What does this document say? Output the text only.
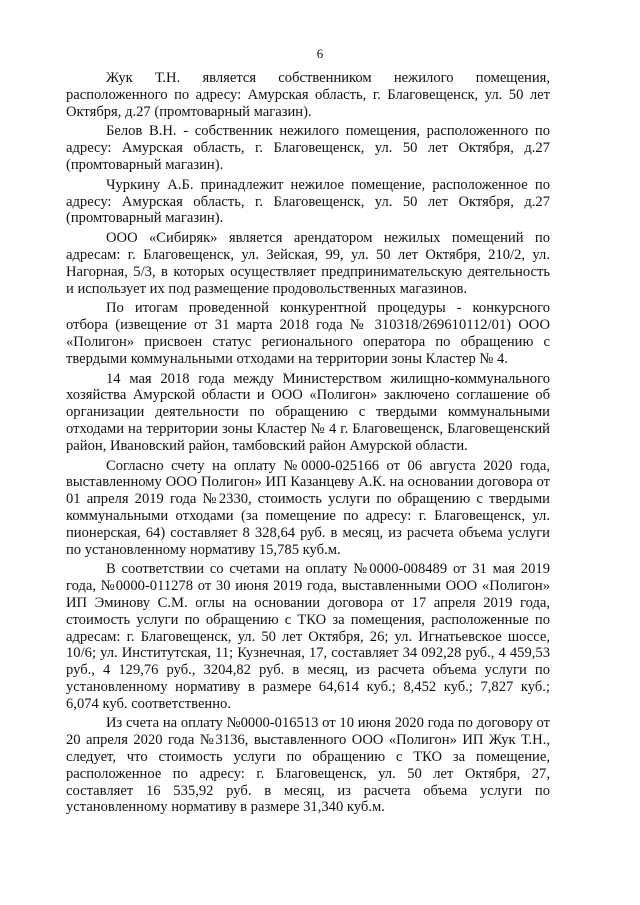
6

Жук Т.Н. является собственником нежилого помещения, расположенного по адресу: Амурская область, г. Благовещенск, ул. 50 лет Октября, д.27 (промтоварный магазин).

Белов В.Н. - собственник нежилого помещения, расположенного по адресу: Амурская область, г. Благовещенск, ул. 50 лет Октября, д.27 (промтоварный магазин).

Чуркину А.Б. принадлежит нежилое помещение, расположенное по адресу: Амурская область, г. Благовещенск, ул. 50 лет Октября, д.27 (промтоварный магазин).

ООО «Сибиряк» является арендатором нежилых помещений по адресам: г. Благовещенск, ул. Зейская, 99, ул. 50 лет Октября, 210/2, ул. Нагорная, 5/3, в которых осуществляет предпринимательскую деятельность и использует их под размещение продовольственных магазинов.

По итогам проведенной конкурентной процедуры - конкурсного отбора (извещение от 31 марта 2018 года № 310318/269610112/01) ООО «Полигон» присвоен статус регионального оператора по обращению с твердыми коммунальными отходами на территории зоны Кластер № 4.

14 мая 2018 года между Министерством жилищно-коммунального хозяйства Амурской области и ООО «Полигон» заключено соглашение об организации деятельности по обращению с твердыми коммунальными отходами на территории зоны Кластер № 4 г. Благовещенск, Благовещенский район, Ивановский район, тамбовский район Амурской области.

Согласно счету на оплату №0000-025166 от 06 августа 2020 года, выставленному ООО Полигон» ИП Казанцеву А.К. на основании договора от 01 апреля 2019 года №2330, стоимость услуги по обращению с твердыми коммунальными отходами (за помещение по адресу: г. Благовещенск, ул. пионерская, 64) составляет 8 328,64 руб. в месяц, из расчета объема услуги по установленному нормативу 15,785 куб.м.

В соответствии со счетами на оплату №0000-008489 от 31 мая 2019 года, №0000-011278 от 30 июня 2019 года, выставленными ООО «Полигон» ИП Эминову С.М. оглы на основании договора от 17 апреля 2019 года, стоимость услуги по обращению с ТКО за помещения, расположенные по адресам: г. Благовещенск, ул. 50 лет Октября, 26; ул. Игнатьевское шоссе, 10/6; ул. Институтская, 11; Кузнечная, 17, составляет 34 092,28 руб., 4 459,53 руб., 4 129,76 руб., 3204,82 руб. в месяц, из расчета объема услуги по установленному нормативу в размере 64,614 куб.; 8,452 куб.; 7,827 куб.; 6,074 куб. соответственно.

Из счета на оплату №0000-016513 от 10 июня 2020 года по договору от 20 апреля 2020 года №3136, выставленного ООО «Полигон» ИП Жук Т.Н., следует, что стоимость услуги по обращению с ТКО за помещение, расположенное по адресу: г. Благовещенск, ул. 50 лет Октября, 27, составляет 16 535,92 руб. в месяц, из расчета объема услуги по установленному нормативу в размере 31,340 куб.м.
